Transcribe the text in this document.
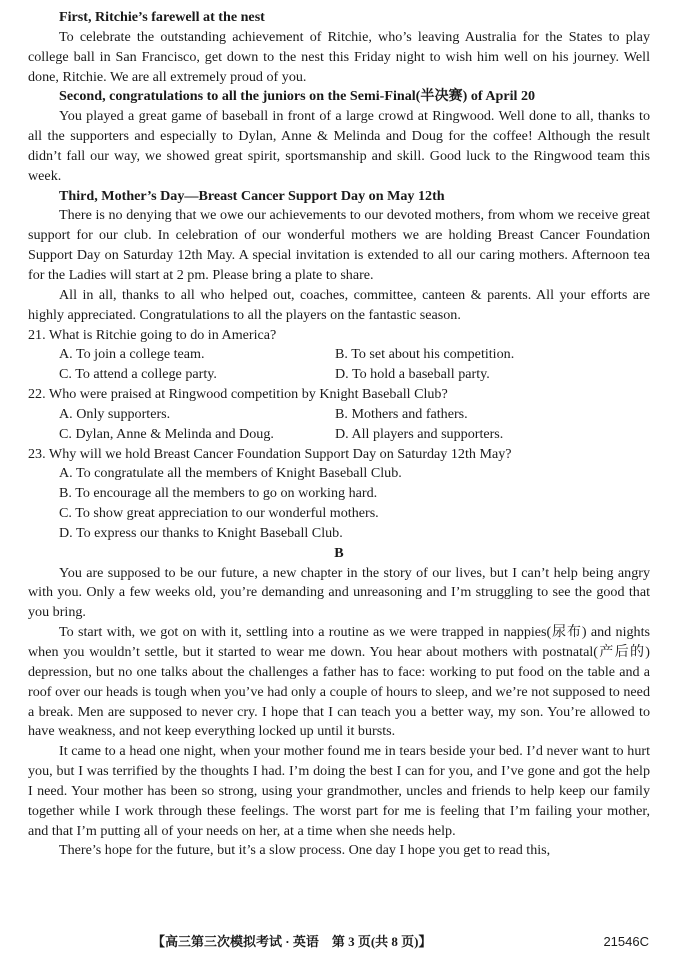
First, Ritchie’s farewell at the nest

To celebrate the outstanding achievement of Ritchie, who’s leaving Australia for the States to play college ball in San Francisco, get down to the nest this Friday night to wish him well on his journey. Well done, Ritchie. We are all extremely proud of you.

Second, congratulations to all the juniors on the Semi-Final(半决赛) of April 20

You played a great game of baseball in front of a large crowd at Ringwood. Well done to all, thanks to all the supporters and especially to Dylan, Anne & Melinda and Doug for the coffee! Although the result didn’t fall our way, we showed great spirit, sportsmanship and skill. Good luck to the Ringwood team this week.

Third, Mother’s Day—Breast Cancer Support Day on May 12th

There is no denying that we owe our achievements to our devoted mothers, from whom we receive great support for our club. In celebration of our wonderful mothers we are holding Breast Cancer Foundation Support Day on Saturday 12th May. A special invitation is extended to all our caring mothers. Afternoon tea for the Ladies will start at 2 pm. Please bring a plate to share.

All in all, thanks to all who helped out, coaches, committee, canteen & parents. All your efforts are highly appreciated. Congratulations to all the players on the fantastic season.

21. What is Ritchie going to do in America?

A. To join a college team.	B. To set about his competition.
C. To attend a college party.	D. To hold a baseball party.

22. Who were praised at Ringwood competition by Knight Baseball Club?

A. Only supporters.	B. Mothers and fathers.
C. Dylan, Anne & Melinda and Doug.	D. All players and supporters.

23. Why will we hold Breast Cancer Foundation Support Day on Saturday 12th May?

A. To congratulate all the members of Knight Baseball Club.

B. To encourage all the members to go on working hard.

C. To show great appreciation to our wonderful mothers.

D. To express our thanks to Knight Baseball Club.

B

You are supposed to be our future, a new chapter in the story of our lives, but I can’t help being angry with you. Only a few weeks old, you’re demanding and unreasoning and I’m struggling to see the good that you bring.

To start with, we got on with it, settling into a routine as we were trapped in nappies(尿布) and nights when you wouldn’t settle, but it started to wear me down. You hear about mothers with postnatal(产后的) depression, but no one talks about the challenges a father has to face: working to put food on the table and a roof over our heads is tough when you’ve had only a couple of hours to sleep, and we’re not supposed to need a break. Men are supposed to never cry. I hope that I can teach you a better way, my son. You’re allowed to have weakness, and not keep everything locked up until it bursts.

It came to a head one night, when your mother found me in tears beside your bed. I’d never want to hurt you, but I was terrified by the thoughts I had. I’m doing the best I can for you, and I’ve gone and got the help I need. Your mother has been so strong, using your grandmother, uncles and friends to help keep our family together while I work through these feelings. The worst part for me is feeling that I’m failing your mother, and that I’m putting all of your needs on her, at a time when she needs help.

There’s hope for the future, but it’s a slow process. One day I hope you get to read this,

【高三第三次模拟考试 · 英语　第 3 页(共 8 页)】	21546C
